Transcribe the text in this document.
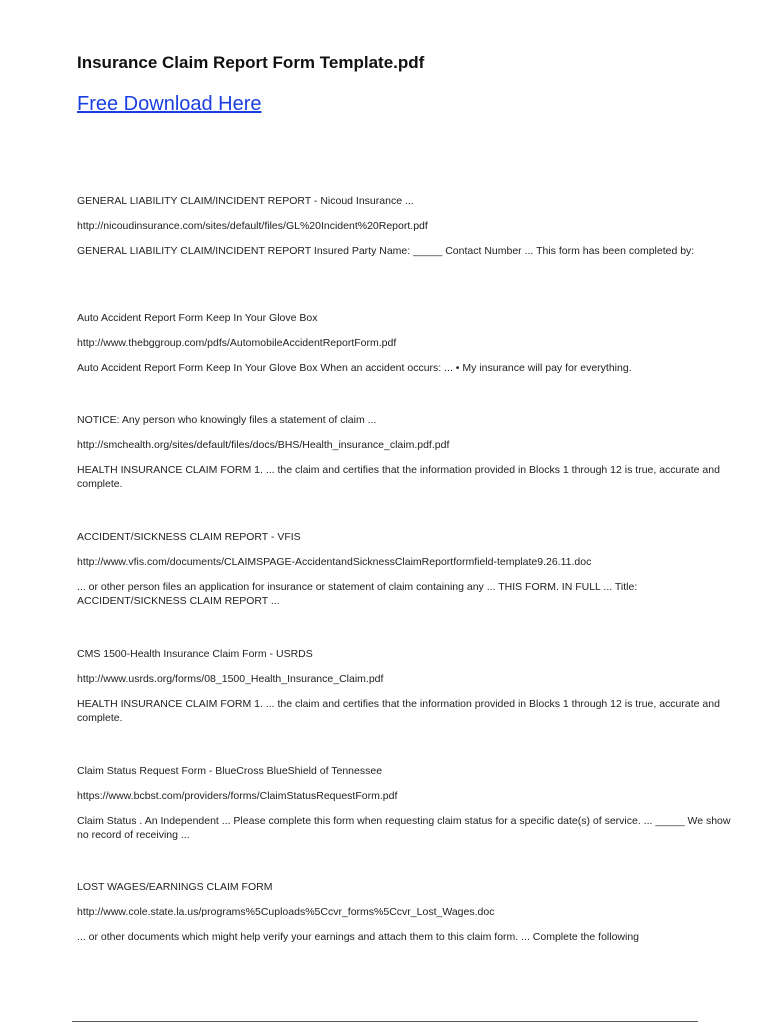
Insurance Claim Report Form Template.pdf
Free Download Here
GENERAL LIABILITY CLAIM/INCIDENT REPORT - Nicoud Insurance ...
http://nicoudinsurance.com/sites/default/files/GL%20Incident%20Report.pdf
GENERAL LIABILITY CLAIM/INCIDENT REPORT Insured Party Name: _____ Contact Number ... This form has been completed by:
Auto Accident Report Form Keep In Your Glove Box
http://www.thebggroup.com/pdfs/AutomobileAccidentReportForm.pdf
Auto Accident Report Form Keep In Your Glove Box When an accident occurs: ... • My insurance will pay for everything.
NOTICE: Any person who knowingly files a statement of claim ...
http://smchealth.org/sites/default/files/docs/BHS/Health_insurance_claim.pdf.pdf
HEALTH INSURANCE CLAIM FORM 1. ... the claim and certifies that the information provided in Blocks 1 through 12 is true, accurate and complete.
ACCIDENT/SICKNESS CLAIM REPORT - VFIS
http://www.vfis.com/documents/CLAIMSPAGE-AccidentandSicknessClaimReportformfield-template9.26.11.doc
... or other person files an application for insurance or statement of claim containing any ... THIS FORM. IN FULL ... Title: ACCIDENT/SICKNESS CLAIM REPORT ...
CMS 1500-Health Insurance Claim Form - USRDS
http://www.usrds.org/forms/08_1500_Health_Insurance_Claim.pdf
HEALTH INSURANCE CLAIM FORM 1. ... the claim and certifies that the information provided in Blocks 1 through 12 is true, accurate and complete.
Claim Status Request Form - BlueCross BlueShield of Tennessee
https://www.bcbst.com/providers/forms/ClaimStatusRequestForm.pdf
Claim Status . An Independent ... Please complete this form when requesting claim status for a specific date(s) of service. ... _____ We show no record of receiving ...
LOST WAGES/EARNINGS CLAIM FORM
http://www.cole.state.la.us/programs%5Cuploads%5Ccvr_forms%5Ccvr_Lost_Wages.doc
... or other documents which might help verify your earnings and attach them to this claim form. ... Complete the following
